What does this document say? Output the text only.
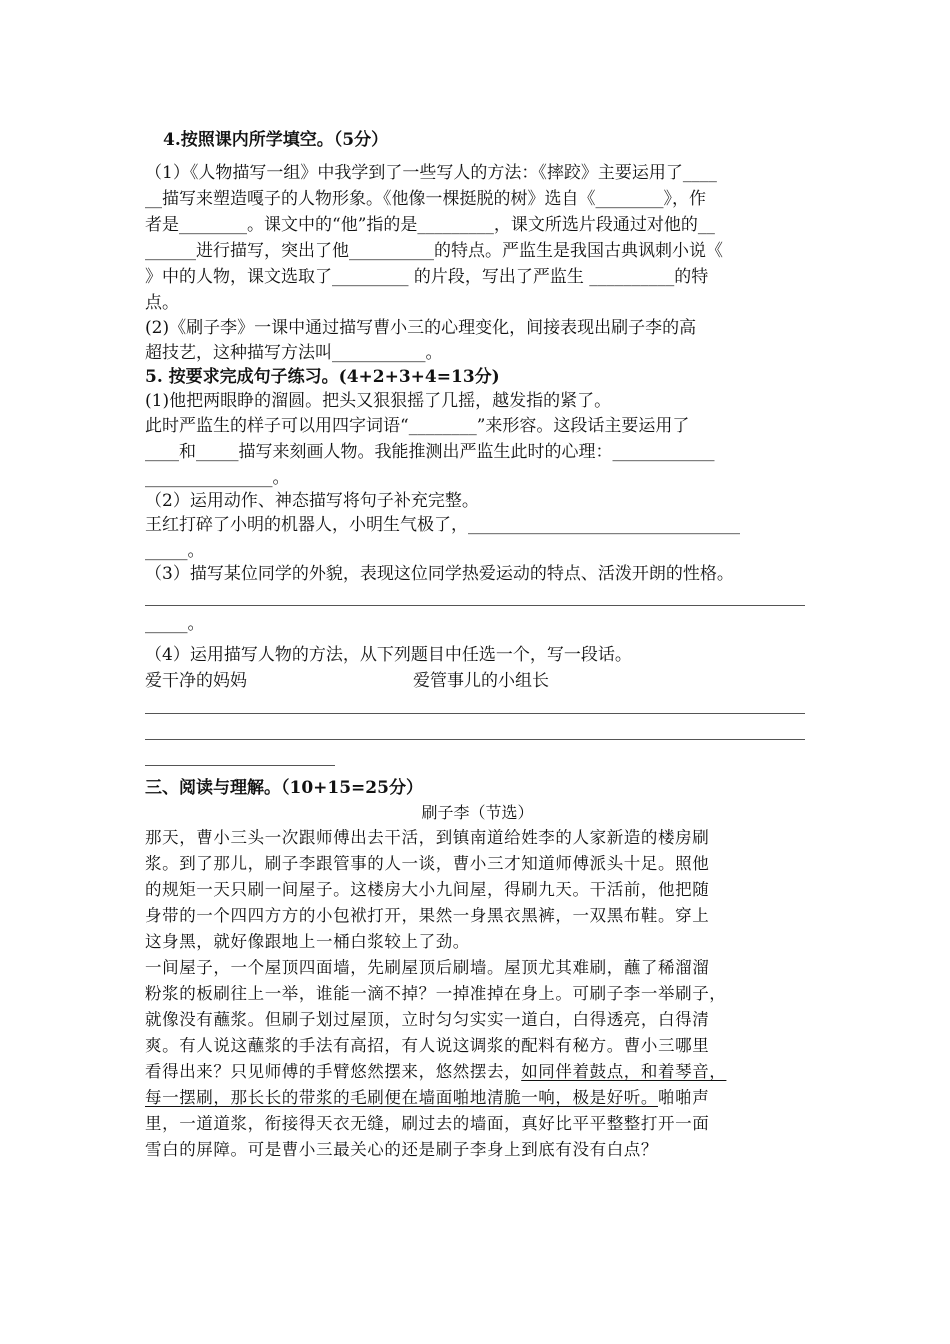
4.按照课内所学填空。（5分）
（1）《人物描写一组》中我学到了一些写人的方法：《摔跤》主要运用了____
__描写来塑造嘎子的人物形象。《他像一棵挺脱的树》选自《________》，作
者是________。课文中的“他”指的是_________，课文所选片段通过对他的__
______进行描写，突出了他__________的特点。严监生是我国古典讽刺小说《
》中的人物，课文选取了_________ 的片段，写出了严监生 __________的特
点。
(2)《刷子李》一课中通过描写曹小三的心理变化，间接表现出刷子李的高
超技艺，这种描写方法叫___________。
5. 按要求完成句子练习。(4+2+3+4=13分)
(1)他把两眼睁的溜圆。把头又狠狠摇了几摇，越发指的紧了。
此时严监生的样子可以用四字词语“________”来形容。这段话主要运用了
____和_____描写来刻画人物。我能推测出严监生此时的心理：____________
_______________。
（2）运用动作、神态描写将句子补充完整。
王红打碎了小明的机器人，小明生气极了，________________________________
_____。
（3）描写某位同学的外貌，表现这位同学热爱运动的特点、活泼开朗的性格。
_____。
（4）运用描写人物的方法，从下列题目中任选一个，写一段话。
爱干净的妈妈	爱管事儿的小组长
三、阅读与理解。（10+15=25分）
刷子李（节选）
那天，曹小三头一次跟师傅出去干活，到镇南道给姓李的人家新造的楼房刷
浆。到了那儿，刷子李跟管事的人一谈，曹小三才知道师傅派头十足。照他
的规矩一天只刷一间屋子。这楼房大小九间屋，得刷九天。干活前，他把随
身带的一个四四方方的小包袱打开，果然一身黑衣黑裤，一双黑布鞋。穿上
这身黑，就好像跟地上一桶白浆较上了劲。
一间屋子，一个屋顶四面墙，先刷屋顶后刷墙。屋顶尤其难刷，蘸了稀溜溜
粉浆的板刷往上一举，谁能一滴不掉？一掉准掉在身上。可刷子李一举刷子，
就像没有蘸浆。但刷子划过屋顶，立时匀匀实实一道白，白得透亮，白得清
爽。有人说这蘸浆的手法有高招，有人说这调浆的配料有秘方。曹小三哪里
看得出来？只见师傅的手臂悠然摆来，悠然摆去，如同伴着鼓点，和着琴音，
每一摆刷，那长长的带浆的毛刷便在墙面啪地清脆一响，极是好听。啪啪声
里，一道道浆，衔接得天衣无缝，刷过去的墙面，真好比平平整整打开一面
雪白的屏障。可是曹小三最关心的还是刷子李身上到底有没有白点？
